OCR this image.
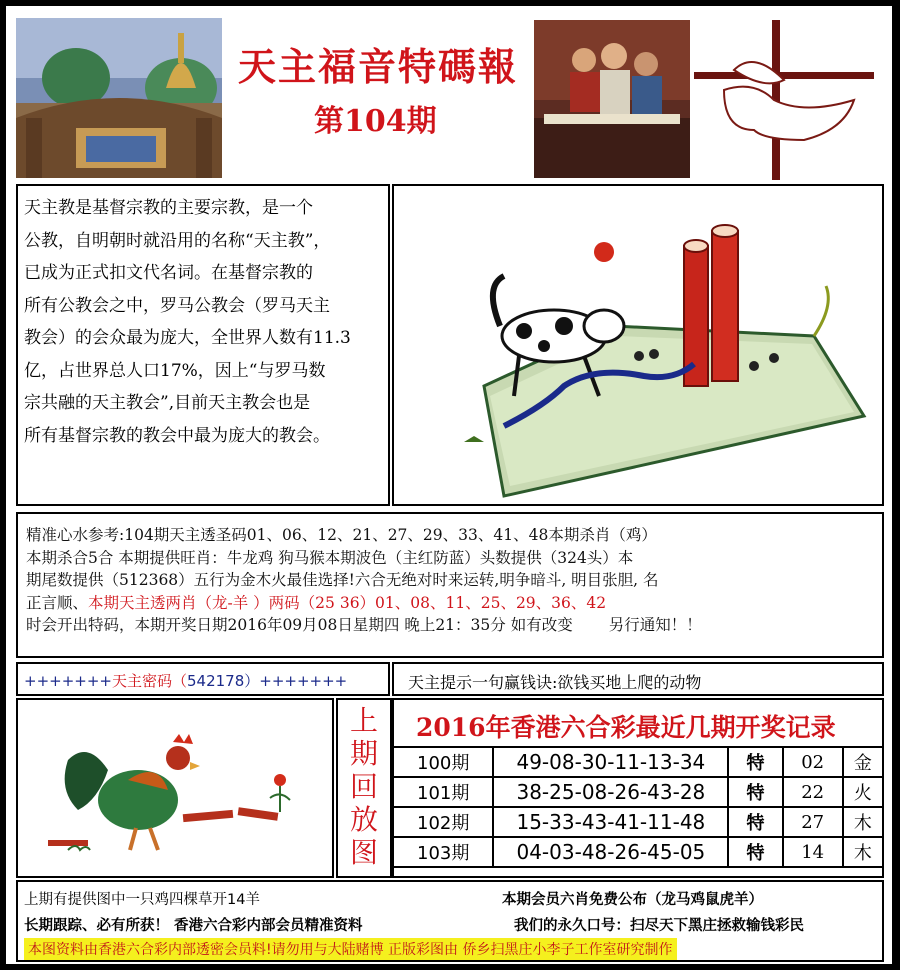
天主福音特碼報
第104期
天主教是基督宗教的主要宗教，是一个
公教，自明朝时就沿用的名称“天主教”，
已成为正式扣文代名词。在基督宗教的
所有公教会之中，罗马公教会（罗马天主
教会）的会众最为庞大，全世界人数有11.3
亿，占世界总人口17%，因上“与罗马数
宗共融的天主教会”,目前天主教会也是
所有基督宗教的教会中最为庞大的教会。
精准心水参考:104期天主透圣码01、06、12、21、27、29、33、41、48本期杀肖（鸡）
本期杀合5合 本期提供旺肖：牛龙鸡 狗马猴本期波色（主红防蓝）头数提供（324头）本
期尾数提供（512368）五行为金木火最佳选择!六合无绝对时来运转,明争暗斗, 明目张胆, 名
正言顺、本期天主透两肖（龙-羊 ）两码（25 36）01、08、11、25、29、36、42
时会开出特码，本期开奖日期2016年09月08日星期四 晚上21：35分 如有改变 另行通知！！
+++++++天主密码（542178）+++++++	天主提示一句赢钱诀:欲钱买地上爬的动物
上
期
回
放
图
2016年香港六合彩最近几期开奖记录
100期	49-08-30-11-13-34	特	02	金
101期	38-25-08-26-43-28	特	22	火
102期	15-33-43-41-11-48	特	27	木
103期	04-03-48-26-45-05	特	14	木
上期有提供图中一只鸡四棵草开14羊	本期会员六肖免费公布（龙马鸡鼠虎羊）
长期跟踪、必有所获！ 香港六合彩内部会员精准资料	我们的永久口号：扫尽天下黑庄拯救输钱彩民
本图资料由香港六合彩内部透密会员料!请勿用与大陆赌博 正版彩图由 侨乡扫黑庄小李子工作室研究制作
